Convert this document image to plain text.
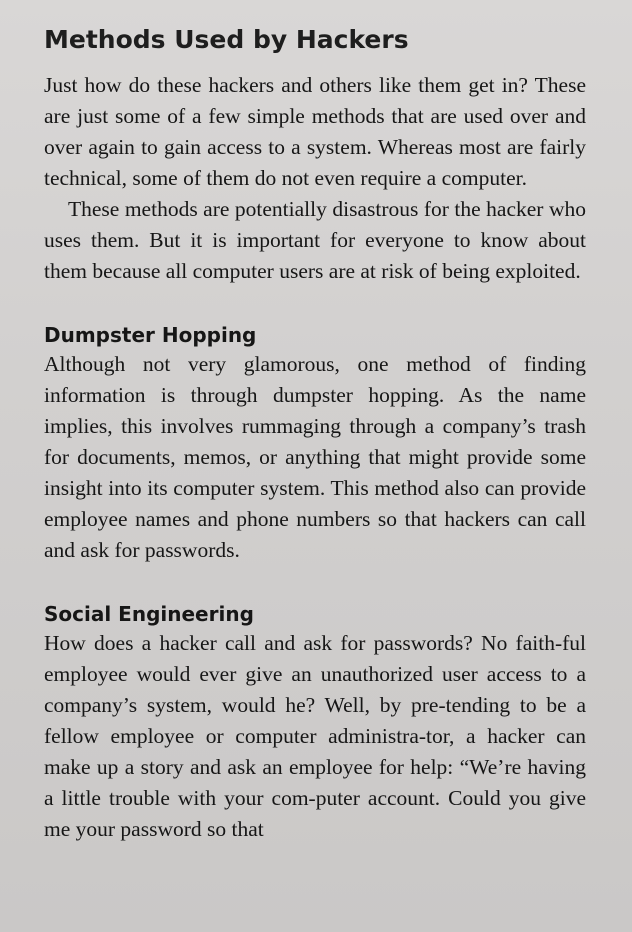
Methods Used by Hackers

Just how do these hackers and others like them get in? These are just some of a few simple methods that are used over and over again to gain access to a system. Whereas most are fairly technical, some of them do not even require a computer.

These methods are potentially disastrous for the hacker who uses them. But it is important for everyone to know about them because all computer users are at risk of being exploited.

Dumpster Hopping

Although not very glamorous, one method of finding information is through dumpster hopping. As the name implies, this involves rummaging through a company’s trash for documents, memos, or anything that might provide some insight into its computer system. This method also can provide employee names and phone numbers so that hackers can call and ask for passwords.

Social Engineering

How does a hacker call and ask for passwords? No faith-ful employee would ever give an unauthorized user access to a company’s system, would he? Well, by pre-tending to be a fellow employee or computer administra-tor, a hacker can make up a story and ask an employee for help: “We’re having a little trouble with your com-puter account. Could you give me your password so that
